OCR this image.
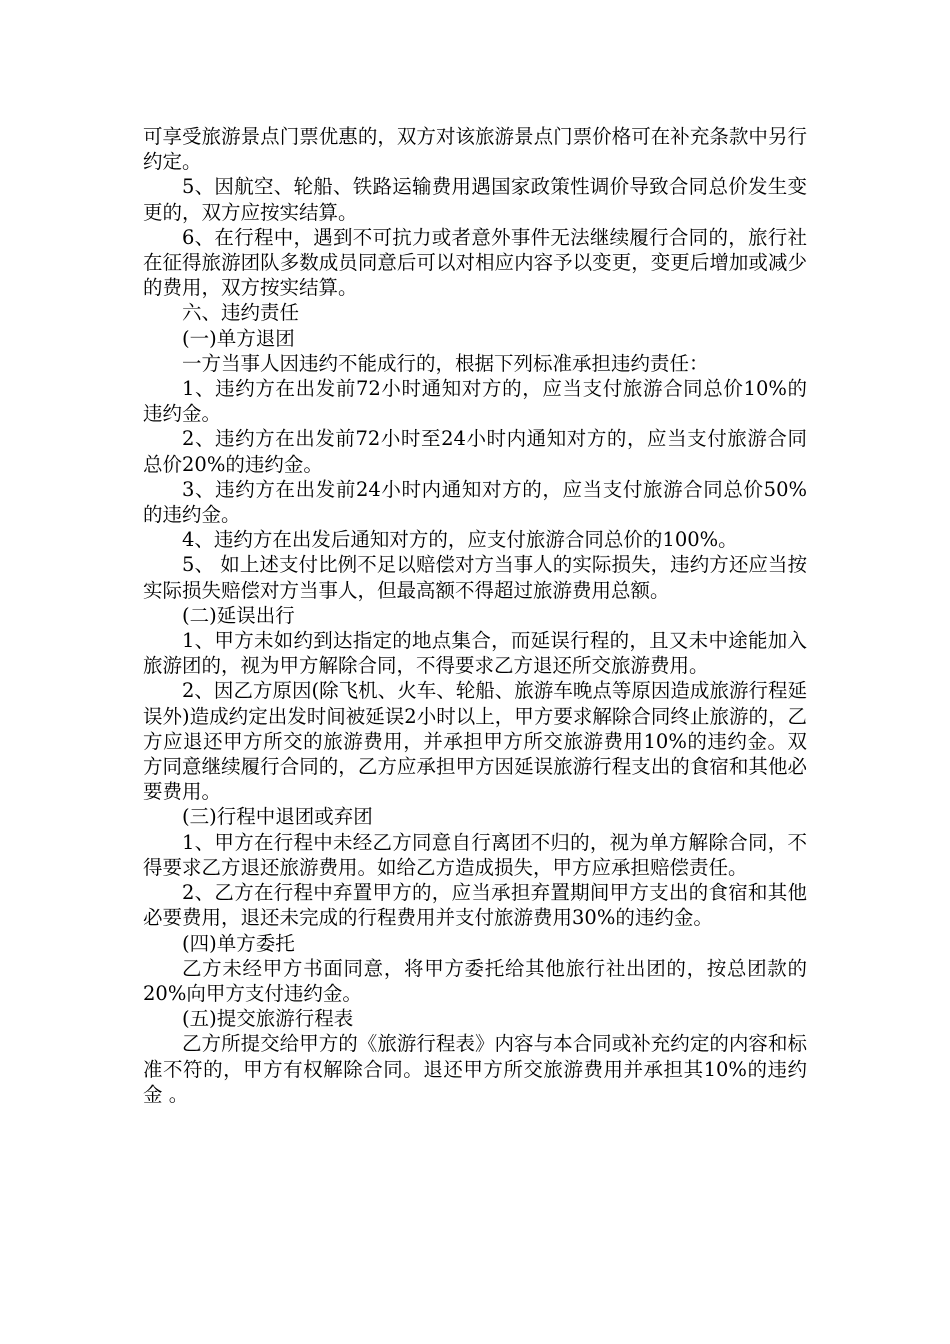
可享受旅游景点门票优惠的，双方对该旅游景点门票价格可在补充条款中另行约定。

5、因航空、轮船、铁路运输费用遇国家政策性调价导致合同总价发生变更的，双方应按实结算。

6、在行程中，遇到不可抗力或者意外事件无法继续履行合同的，旅行社在征得旅游团队多数成员同意后可以对相应内容予以变更，变更后增加或减少的费用，双方按实结算。

六、违约责任

(一)单方退团

一方当事人因违约不能成行的，根据下列标准承担违约责任：

1、违约方在出发前72小时通知对方的，应当支付旅游合同总价10%的违约金。

2、违约方在出发前72小时至24小时内通知对方的，应当支付旅游合同总价20%的违约金。

3、违约方在出发前24小时内通知对方的，应当支付旅游合同总价50%的违约金。

4、违约方在出发后通知对方的，应支付旅游合同总价的100%。

5、 如上述支付比例不足以赔偿对方当事人的实际损失，违约方还应当按实际损失赔偿对方当事人，但最高额不得超过旅游费用总额。

(二)延误出行

1、甲方未如约到达指定的地点集合，而延误行程的，且又未中途能加入旅游团的，视为甲方解除合同，不得要求乙方退还所交旅游费用。

2、因乙方原因(除飞机、火车、轮船、旅游车晚点等原因造成旅游行程延误外)造成约定出发时间被延误2小时以上，甲方要求解除合同终止旅游的，乙方应退还甲方所交的旅游费用，并承担甲方所交旅游费用10%的违约金。双方同意继续履行合同的，乙方应承担甲方因延误旅游行程支出的食宿和其他必要费用。

(三)行程中退团或弃团

1、甲方在行程中未经乙方同意自行离团不归的，视为单方解除合同，不得要求乙方退还旅游费用。如给乙方造成损失，甲方应承担赔偿责任。

2、乙方在行程中弃置甲方的，应当承担弃置期间甲方支出的食宿和其他必要费用，退还未完成的行程费用并支付旅游费用30%的违约金。

(四)单方委托

乙方未经甲方书面同意，将甲方委托给其他旅行社出团的，按总团款的20%向甲方支付违约金。

(五)提交旅游行程表

乙方所提交给甲方的《旅游行程表》内容与本合同或补充约定的内容和标准不符的，甲方有权解除合同。退还甲方所交旅游费用并承担其10%的违约金 。
